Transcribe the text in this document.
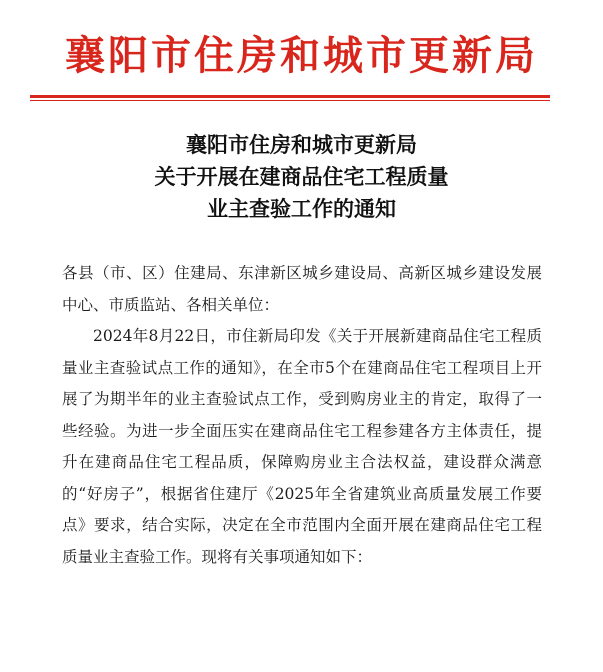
襄阳市住房和城市更新局
襄阳市住房和城市更新局
关于开展在建商品住宅工程质量
业主查验工作的通知

各县（市、区）住建局、东津新区城乡建设局、高新区城乡建设发展中心、市质监站、各相关单位：

2024年8月22日，市住新局印发《关于开展新建商品住宅工程质量业主查验试点工作的通知》，在全市5个在建商品住宅工程项目上开展了为期半年的业主查验试点工作，受到购房业主的肯定，取得了一些经验。为进一步全面压实在建商品住宅工程参建各方主体责任，提升在建商品住宅工程品质，保障购房业主合法权益，建设群众满意的“好房子”，根据省住建厅《2025年全省建筑业高质量发展工作要点》要求，结合实际，决定在全市范围内全面开展在建商品住宅工程质量业主查验工作。现将有关事项通知如下：
